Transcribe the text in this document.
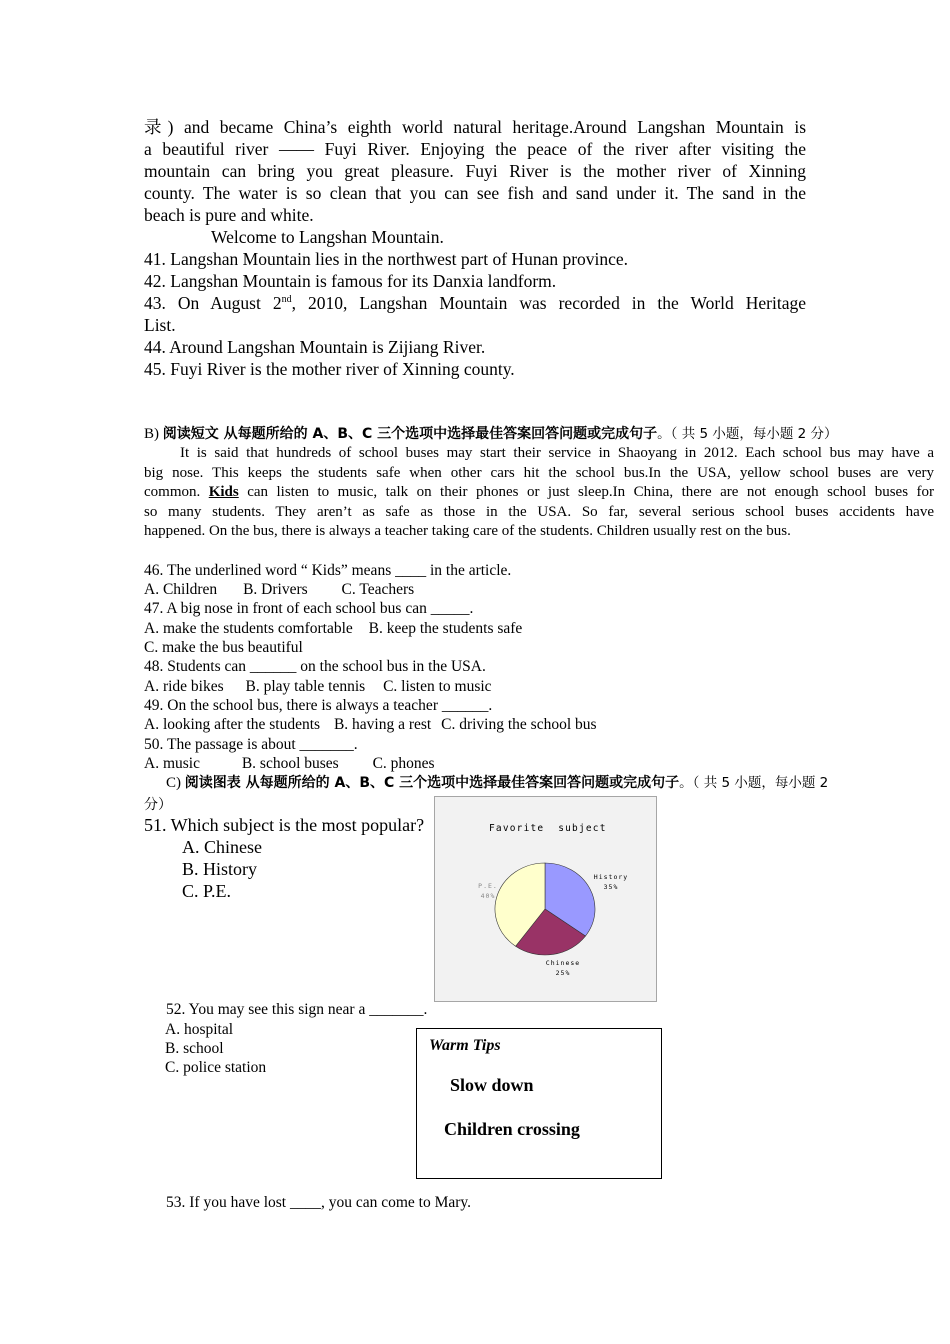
录) and became China’s eighth world natural heritage.Around Langshan Mountain is
a beautiful river —— Fuyi River. Enjoying the peace of the river after visiting the
mountain can bring you great pleasure. Fuyi River is the mother river of Xinning
county. The water is so clean that you can see fish and sand under it. The sand in the
beach is pure and white.
Welcome to Langshan Mountain.
41. Langshan Mountain lies in the northwest part of Hunan province.
42. Langshan Mountain is famous for its Danxia landform.
43. On August 2nd, 2010, Langshan Mountain was recorded in the World Heritage
List.
44. Around Langshan Mountain is Zijiang River.
45. Fuyi River is the mother river of Xinning county.
B) 阅读短文 从每题所给的 A、B、C 三个选项中选择最佳答案回答问题或完成句子。（ 共 5 小题，每小题 2 分）
It is said that hundreds of school buses may start their service in Shaoyang in 2012. Each school bus may have a
big nose. This keeps the students safe when other cars hit the school bus.In the USA, yellow school buses are very
common. Kids can listen to music, talk on their phones or just sleep.In China, there are not enough school buses for
so many students. They aren’t as safe as those in the USA. So far, several serious school buses accidents have
happened. On the bus, there is always a teacher taking care of the students. Children usually rest on the bus.
46. The underlined word “ Kids” means ____ in the article.
A. Children B. Drivers C. Teachers
47. A big nose in front of each school bus can _____.
A. make the students comfortable B. keep the students safe
C. make the bus beautiful
48. Students can ______ on the school bus in the USA.
A. ride bikes B. play table tennis C. listen to music
49. On the school bus, there is always a teacher ______.
A. looking after the students B. having a rest C. driving the school bus
50. The passage is about _______.
A. music	B. school buses C. phones
C) 阅读图表 从每题所给的 A、B、C 三个选项中选择最佳答案回答问题或完成句子。（ 共 5 小题，每小题 2
分）
51. Which subject is the most popular?
A. Chinese
B. History
C. P.E.
Favorite  subject
History
35%
Chinese
25%
P.E.
40%
52. You may see this sign near a _______.
A. hospital
B. school
C. police station
Warm Tips
Slow down
Children crossing
53. If you have lost ____, you can come to Mary.
